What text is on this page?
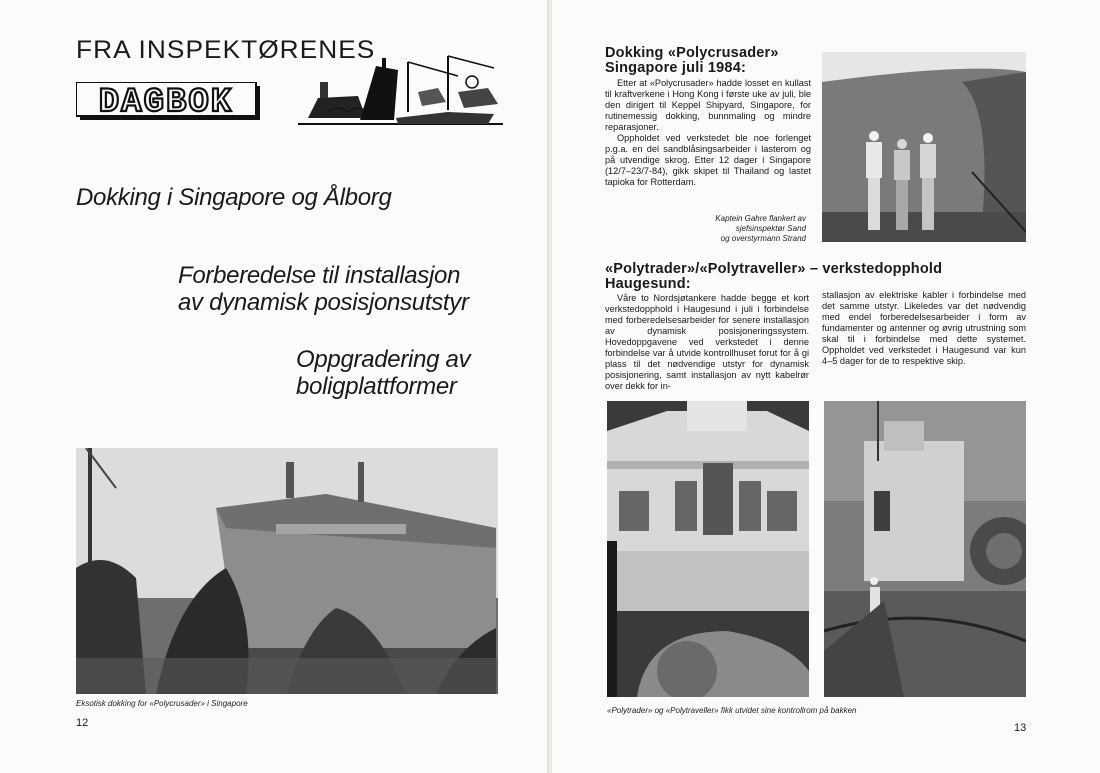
FRA INSPEKTØRENES
DAGBOK
Dokking i Singapore og Ålborg
Forberedelse til installasjon av dynamisk posisjonsutstyr
Oppgradering av boligplattformer
Eksotisk dokking for «Polycrusader» i Singapore
12
Dokking «Polycrusader»
Singapore juli 1984:
Etter at «Polycrusader» hadde losset en kullast til kraftverkene i Hong Kong i første uke av juli, ble den dirigert til Keppel Shipyard, Singapore, for rutinemessig dokking, bunnmaling og mindre reparasjoner.
Oppholdet ved verkstedet ble noe forlenget p.g.a. en del sandblåsingsarbeider i lasterom og på utvendige skrog. Etter 12 dager i Singapore (12/7–23/7-84), gikk skipet til Thailand og lastet tapioka for Rotterdam.
Kaptein Gahre flankert av
sjefsinspektør Sand
og overstyrmann Strand
«Polytrader»/«Polytraveller» – verkstedopphold
Haugesund:
Våre to Nordsjøtankere hadde begge et kort verkstedopphold i Haugesund i juli i forbindelse med forberedelsesarbeider for senere installasjon av dynamisk posisjoneringssystem. Hovedoppgavene ved verkstedet i denne forbindelse var å utvide kontrollhuset forut for å gi plass til det nødvendige utstyr for dynamisk posisjonering, samt installasjon av nytt kabelrør over dekk for in-
stallasjon av elektriske kabler i forbindelse med det samme utstyr. Likeledes var det nødvendig med endel forberedelsesarbeider i form av fundamenter og antenner og øvrig utrustning som skal til i forbindelse med dette systemet. Oppholdet ved verkstedet i Haugesund var kun 4–5 dager for de to respektive skip.
«Polytrader» og «Polytraveller» fikk utvidet sine kontrollrom på bakken
13
